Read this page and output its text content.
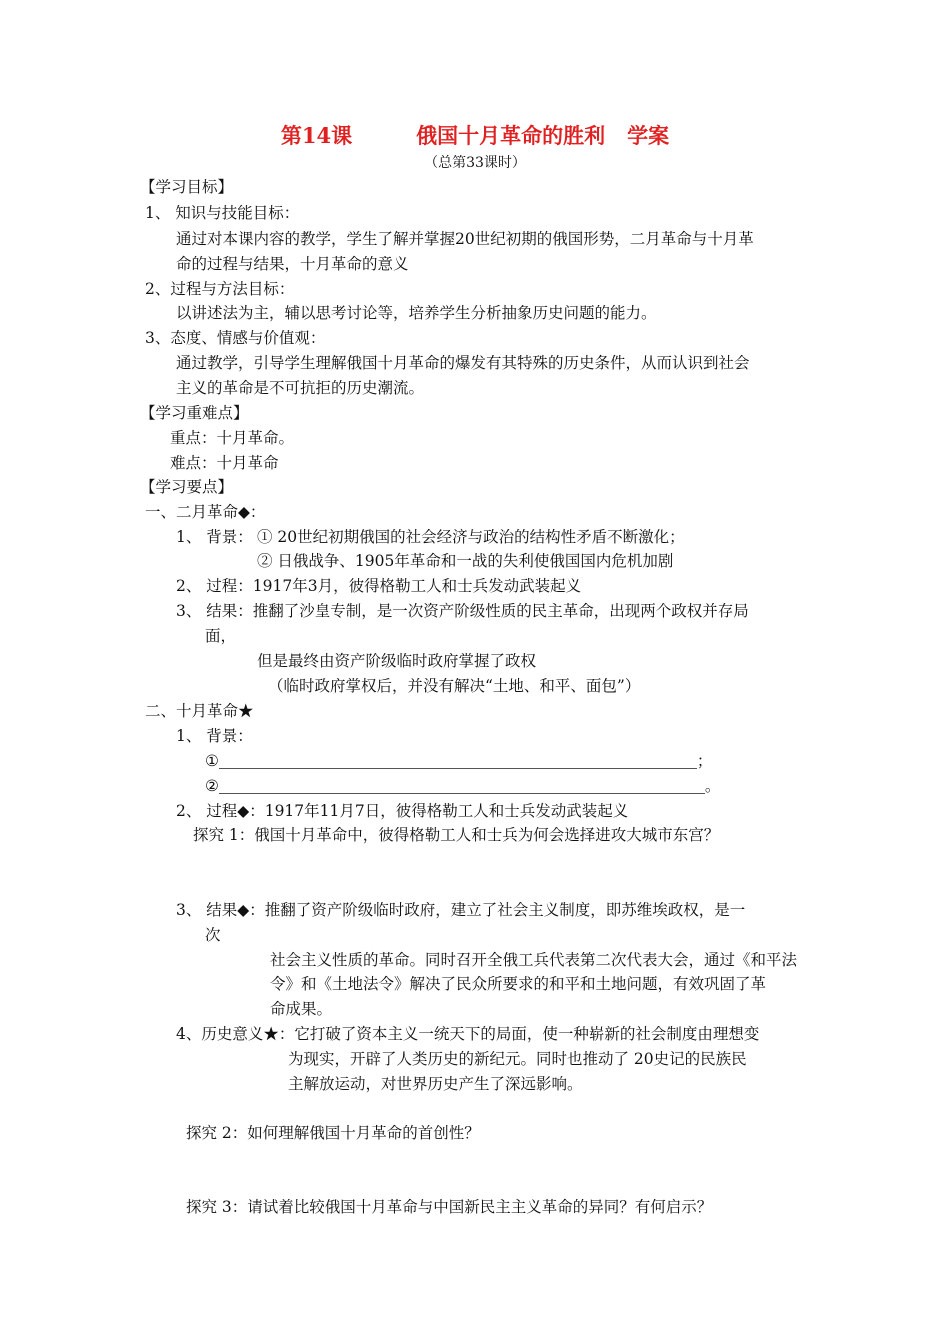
第14课	俄国十月革命的胜利 学案
（总第33课时）
【学习目标】
1、 知识与技能目标：
通过对本课内容的教学，学生了解并掌握20世纪初期的俄国形势，二月革命与十月革
命的过程与结果，十月革命的意义
2、过程与方法目标：
以讲述法为主，辅以思考讨论等，培养学生分析抽象历史问题的能力。
3、态度、情感与价值观：
通过教学，引导学生理解俄国十月革命的爆发有其特殊的历史条件，从而认识到社会
主义的革命是不可抗拒的历史潮流。
【学习重难点】
重点：十月革命。
难点：十月革命
【学习要点】
一、二月革命◆：
1、 背景： ① 20世纪初期俄国的社会经济与政治的结构性矛盾不断激化；
② 日俄战争、1905年革命和一战的失利使俄国国内危机加剧
2、 过程：1917年3月，彼得格勒工人和士兵发动武装起义
3、 结果：推翻了沙皇专制，是一次资产阶级性质的民主革命，出现两个政权并存局
面，
但是最终由资产阶级临时政府掌握了政权
（临时政府掌权后，并没有解决“土地、和平、面包”）
二、十月革命★
1、 背景：
①	；
②	。
2、 过程◆：1917年11月7日，彼得格勒工人和士兵发动武装起义
探究 1：俄国十月革命中，彼得格勒工人和士兵为何会选择进攻大城市东宫？
3、 结果◆：推翻了资产阶级临时政府，建立了社会主义制度，即苏维埃政权，是一
次
社会主义性质的革命。同时召开全俄工兵代表第二次代表大会，通过《和平法
令》和《土地法令》解决了民众所要求的和平和土地问题，有效巩固了革
命成果。
4、历史意义★：它打破了资本主义一统天下的局面，使一种崭新的社会制度由理想变
为现实，开辟了人类历史的新纪元。同时也推动了 20史记的民族民
主解放运动，对世界历史产生了深远影响。
探究 2：如何理解俄国十月革命的首创性？
探究 3：请试着比较俄国十月革命与中国新民主主义革命的异同？有何启示？
